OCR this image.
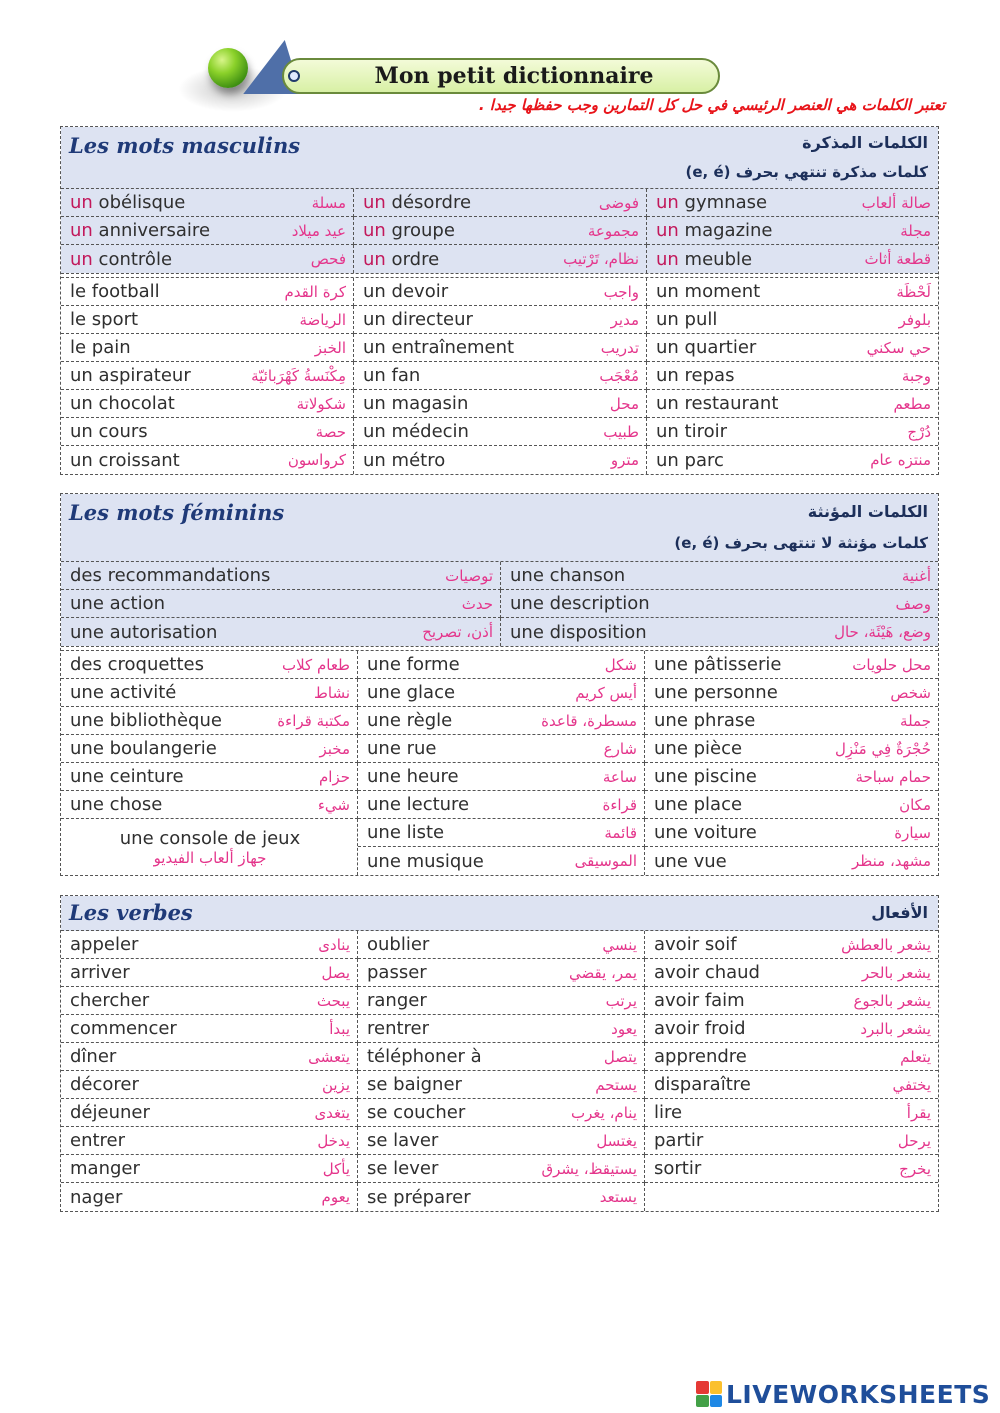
Mon petit dictionnaire
تعتبر الكلمات هي العنصر الرئيسي في حل كل التمارين وجب حفظها جيدا .
Les mots masculins	الكلمات المذكرة
كلمات مذكرة تنتهي بحرف (e, é)
un obélisque	مسلة un désordre	فوضى un gymnase	صالة ألعاب
un anniversaire	عيد ميلاد un groupe	مجموعة un magazine	مجلة
un contrôle	فحص un ordre	نظام، تَرْتيب un meuble	قطعة أثاث
le football	كرة القدم un devoir	واجب un moment	لَحْظَة
le sport	الرياضة un directeur	مدير un pull	بلوفر
le pain	الخبز un entraînement	تدريب un quartier	حي سكني
un aspirateur	مِكْنَسةُ كَهْرَبائيّة un fan	مُعْجَب un repas	وجبة
un chocolat	شكولاتة un magasin	محل un restaurant	مطعم
un cours	حصة un médecin	طبيب un tiroir	دُرْج
un croissant	كرواسون un métro	مترو un parc	منتزه عام
Les mots féminins	الكلمات المؤنثة
كلمات مؤنثة لا تنتهى بحرف (e, é)
des recommandations	توصيات une chanson	أغنية
une action	حدث une description	وصف
une autorisation	أذن، تصريح une disposition	وضع، هَيْئَة، حال
des croquettes	طعام كلاب une forme	شكل une pâtisserie	محل حلويات
une activité	نشاط une glace	أيس كريم une personne	شخص
une bibliothèque	مكتبة قراءة une règle	مسطرة، قاعدة une phrase	جملة
une boulangerie	مخبز une rue	شارع une pièce	حُجْرَةٌ فِي مَنْزِل
une ceinture	حزام une heure	ساعة une piscine	حمام سباحة
une chose	شيء une lecture	قراءة une place	مكان
une console de jeux
جهاز ألعاب الفيديو
une liste	قائمة une voiture	سيارة
une musique	الموسيقى une vue	مشهد، منظر
Les verbes	الأفعال
appeler	ينادى oublier	ينسي avoir soif	يشعر بالعطش
arriver	يصل passer	يمر، يقضي avoir chaud	يشعر بالحر
chercher	يبحث ranger	يرتب avoir faim	يشعر بالجوع
commencer	يبدأ rentrer	يعود avoir froid	يشعر بالبرد
dîner	يتعشى téléphoner à	يتصل apprendre	يتعلم
décorer	يزين se baigner	يستحم disparaître	يختفي
déjeuner	يتغدى se coucher	ينام، يغرب lire	يقرأ
entrer	يدخل se laver	يغتسل partir	يرحل
manger	يأكل se lever	يستيقظ، يشرق sortir	يخرج
nager	يعوم se préparer	يستعد
LIVEWORKSHEETS
